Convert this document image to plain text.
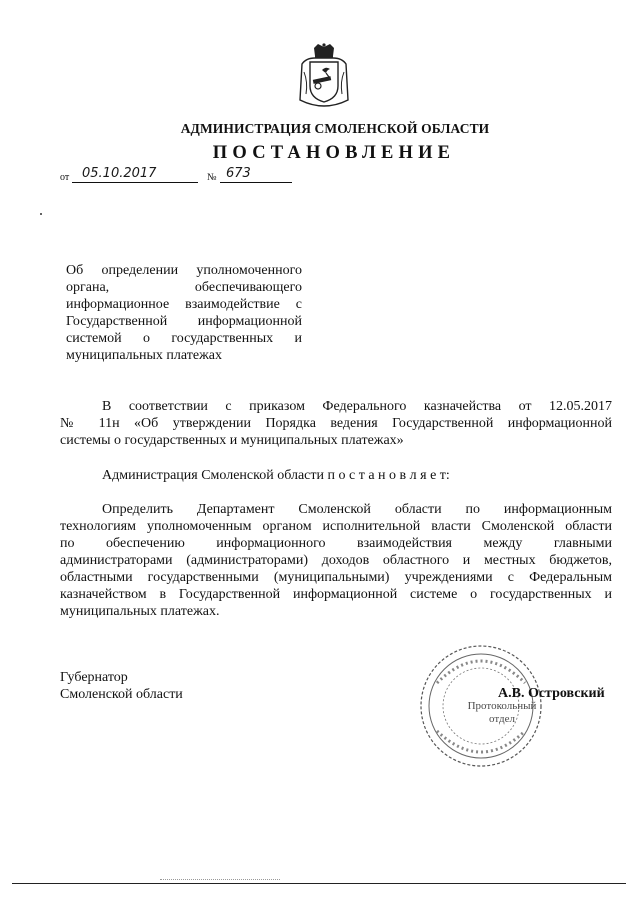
АДМИНИСТРАЦИЯ СМОЛЕНСКОЙ ОБЛАСТИ
ПОСТАНОВЛЕНИЕ
от 05.10.2017	№ 673
Об определении уполномоченного
органа, обеспечивающего
информационное взаимодействие с
Государственной информационной
системой о государственных и
муниципальных платежах
В соответствии с приказом Федерального казначейства от 12.05.2017
№ 11н «Об утверждении Порядка ведения Государственной информационной
системы о государственных и муниципальных платежах»
Администрация Смоленской области п о с т а н о в л я е т:
Определить Департамент Смоленской области по информационным
технологиям уполномоченным органом исполнительной власти Смоленской области
по обеспечению информационного взаимодействия между главными
администраторами (администраторами) доходов областного и местных бюджетов,
областными государственными (муниципальными) учреждениями с Федеральным
казначейством в Государственной информационной системе о государственных и
муниципальных платежах.
Губернатор
Смоленской области
Протокольный
отдел
А.В. Островский
